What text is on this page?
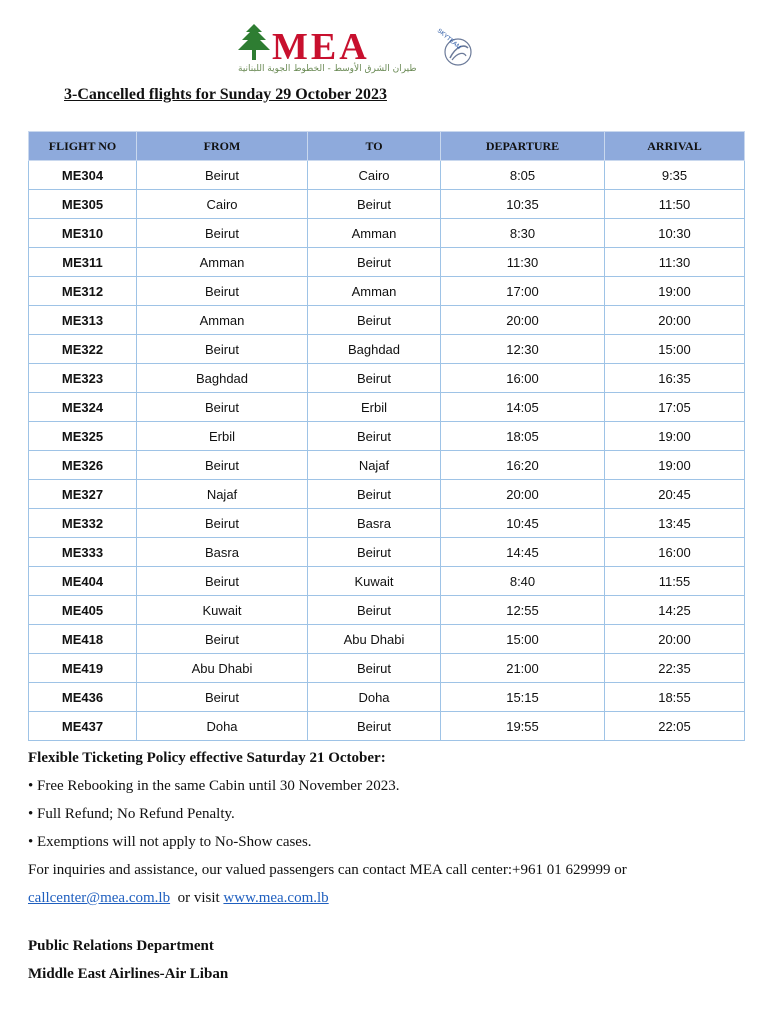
MEA
طيران الشرق الأوسط - الخطوط الجوية اللبنانية
SKYTEAM
3-Cancelled flights for Sunday 29 October 2023
FLIGHT NO	FROM	TO	DEPARTURE	ARRIVAL
ME304	Beirut	Cairo	8:05	9:35
ME305	Cairo	Beirut	10:35	11:50
ME310	Beirut	Amman	8:30	10:30
ME311	Amman	Beirut	11:30	11:30
ME312	Beirut	Amman	17:00	19:00
ME313	Amman	Beirut	20:00	20:00
ME322	Beirut	Baghdad	12:30	15:00
ME323	Baghdad	Beirut	16:00	16:35
ME324	Beirut	Erbil	14:05	17:05
ME325	Erbil	Beirut	18:05	19:00
ME326	Beirut	Najaf	16:20	19:00
ME327	Najaf	Beirut	20:00	20:45
ME332	Beirut	Basra	10:45	13:45
ME333	Basra	Beirut	14:45	16:00
ME404	Beirut	Kuwait	8:40	11:55
ME405	Kuwait	Beirut	12:55	14:25
ME418	Beirut	Abu Dhabi	15:00	20:00
ME419	Abu Dhabi	Beirut	21:00	22:35
ME436	Beirut	Doha	15:15	18:55
ME437	Doha	Beirut	19:55	22:05

Flexible Ticketing Policy effective Saturday 21 October:

• Free Rebooking in the same Cabin until 30 November 2023.

• Full Refund; No Refund Penalty.

• Exemptions will not apply to No-Show cases.

For inquiries and assistance, our valued passengers can contact MEA call center:+961 01 629999 or

callcenter@mea.com.lb or visit www.mea.com.lb

Public Relations Department

Middle East Airlines-Air Liban
